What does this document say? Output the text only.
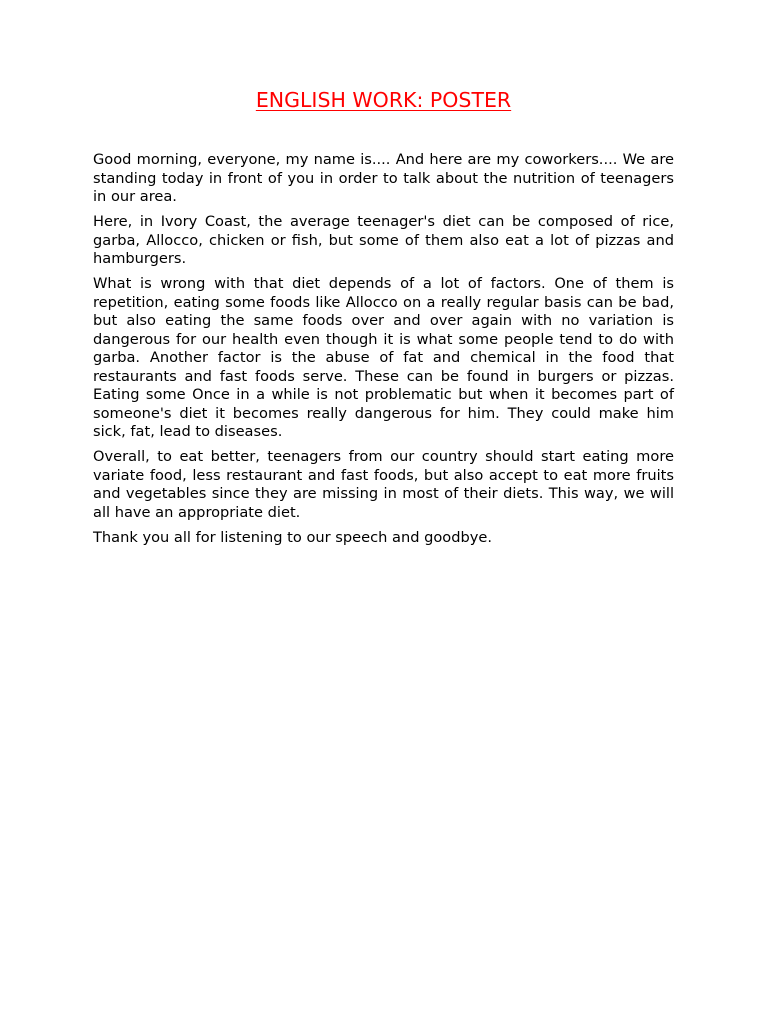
ENGLISH WORK: POSTER

Good morning, everyone, my name is.... And here are my coworkers.... We are standing today in front of you in order to talk about the nutrition of teenagers in our area.

Here, in Ivory Coast, the average teenager's diet can be composed of rice, garba, Allocco, chicken or fish, but some of them also eat a lot of pizzas and hamburgers.

What is wrong with that diet depends of a lot of factors. One of them is repetition, eating some foods like Allocco on a really regular basis can be bad, but also eating the same foods over and over again with no variation is dangerous for our health even though it is what some people tend to do with garba. Another factor is the abuse of fat and chemical in the food that restaurants and fast foods serve. These can be found in burgers or pizzas. Eating some Once in a while is not problematic but when it becomes part of someone's diet it becomes really dangerous for him. They could make him sick, fat, lead to diseases.

Overall, to eat better, teenagers from our country should start eating more variate food, less restaurant and fast foods, but also accept to eat more fruits and vegetables since they are missing in most of their diets. This way, we will all have an appropriate diet.

Thank you all for listening to our speech and goodbye.
